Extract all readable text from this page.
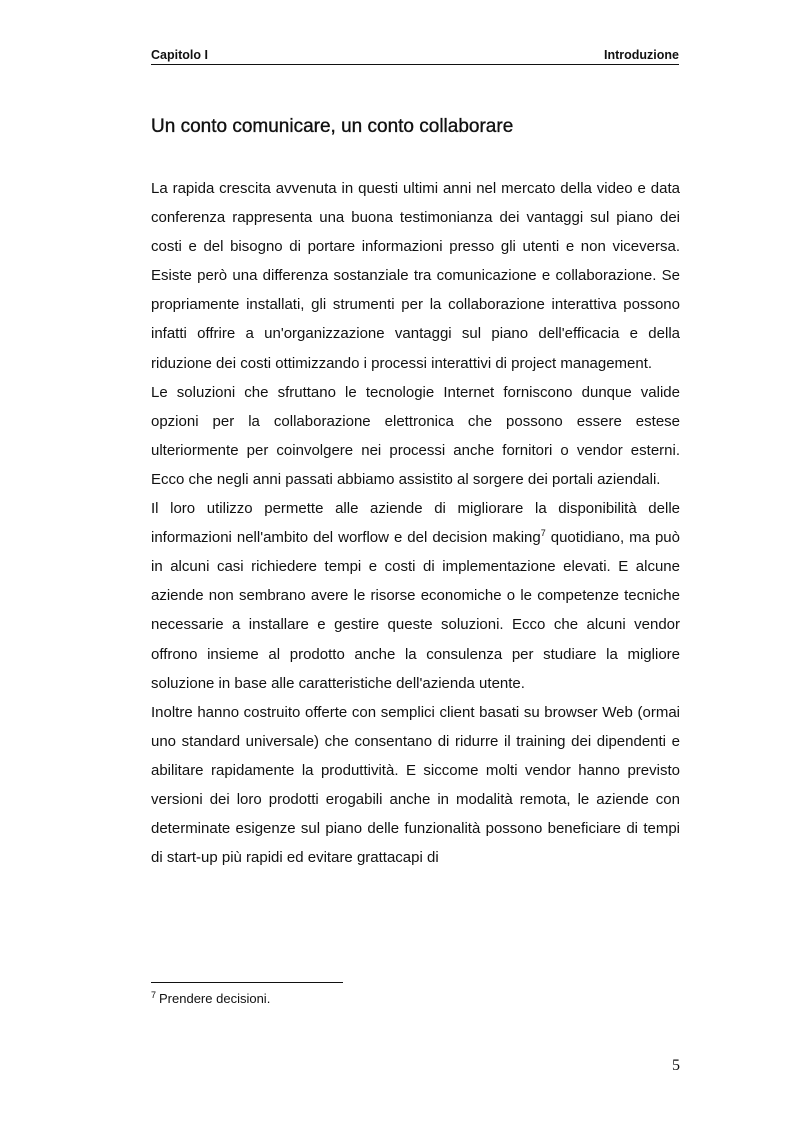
Capitolo I	Introduzione
Un conto comunicare, un conto collaborare

La rapida crescita avvenuta in questi ultimi anni nel mercato della video e data conferenza rappresenta una buona testimonianza dei vantaggi sul piano dei costi e del bisogno di portare informazioni presso gli utenti e non viceversa. Esiste però una differenza sostanziale tra comunicazione e collaborazione. Se propriamente installati, gli strumenti per la collaborazione interattiva possono infatti offrire a un'organizzazione vantaggi sul piano dell'efficacia e della riduzione dei costi ottimizzando i processi interattivi di project management.

Le soluzioni che sfruttano le tecnologie Internet forniscono dunque valide opzioni per la collaborazione elettronica che possono essere estese ulteriormente per coinvolgere nei processi anche fornitori o vendor esterni. Ecco che negli anni passati abbiamo assistito al sorgere dei portali aziendali.

Il loro utilizzo permette alle aziende di migliorare la disponibilità delle informazioni nell'ambito del worflow e del decision making$^7$ quotidiano, ma può in alcuni casi richiedere tempi e costi di implementazione elevati. E alcune aziende non sembrano avere le risorse economiche o le competenze tecniche necessarie a installare e gestire queste soluzioni. Ecco che alcuni vendor offrono insieme al prodotto anche la consulenza per studiare la migliore soluzione in base alle caratteristiche dell'azienda utente.

Inoltre hanno costruito offerte con semplici client basati su browser Web (ormai uno standard universale) che consentano di ridurre il training dei dipendenti e abilitare rapidamente la produttività. E siccome molti vendor hanno previsto versioni dei loro prodotti erogabili anche in modalità remota, le aziende con determinate esigenze sul piano delle funzionalità possono beneficiare di tempi di start-up più rapidi ed evitare grattacapi di

$^7$ Prendere decisioni.
5
